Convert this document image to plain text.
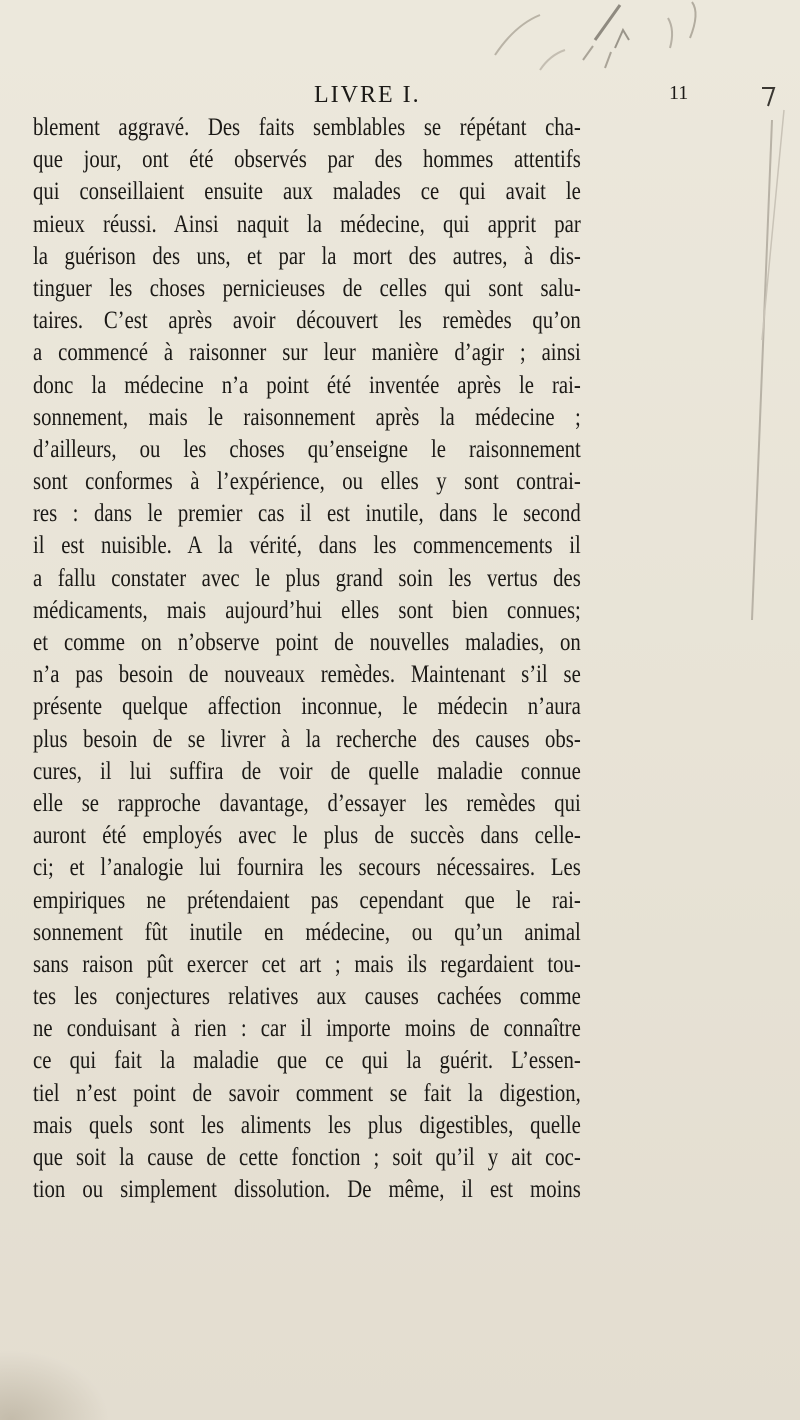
LIVRE I.	11
blement aggravé. Des faits semblables se répétant cha-
que jour, ont été observés par des hommes attentifs
qui conseillaient ensuite aux malades ce qui avait le
mieux réussi. Ainsi naquit la médecine, qui apprit par
la guérison des uns, et par la mort des autres, à dis-
tinguer les choses pernicieuses de celles qui sont salu-
taires. C’est après avoir découvert les remèdes qu’on
a commencé à raisonner sur leur manière d’agir ; ainsi
donc la médecine n’a point été inventée après le rai-
sonnement, mais le raisonnement après la médecine ;
d’ailleurs, ou les choses qu’enseigne le raisonnement
sont conformes à l’expérience, ou elles y sont contrai-
res : dans le premier cas il est inutile, dans le second
il est nuisible. A la vérité, dans les commencements il
a fallu constater avec le plus grand soin les vertus des
médicaments, mais aujourd’hui elles sont bien connues;
et comme on n’observe point de nouvelles maladies, on
n’a pas besoin de nouveaux remèdes. Maintenant s’il se
présente quelque affection inconnue, le médecin n’aura
plus besoin de se livrer à la recherche des causes obs-
cures, il lui suffira de voir de quelle maladie connue
elle se rapproche davantage, d’essayer les remèdes qui
auront été employés avec le plus de succès dans celle-
ci; et l’analogie lui fournira les secours nécessaires. Les
empiriques ne prétendaient pas cependant que le rai-
sonnement fût inutile en médecine, ou qu’un animal
sans raison pût exercer cet art ; mais ils regardaient tou-
tes les conjectures relatives aux causes cachées comme
ne conduisant à rien : car il importe moins de connaître
ce qui fait la maladie que ce qui la guérit. L’essen-
tiel n’est point de savoir comment se fait la digestion,
mais quels sont les aliments les plus digestibles, quelle
que soit la cause de cette fonction ; soit qu’il y ait coc-
tion ou simplement dissolution. De même, il est moins
